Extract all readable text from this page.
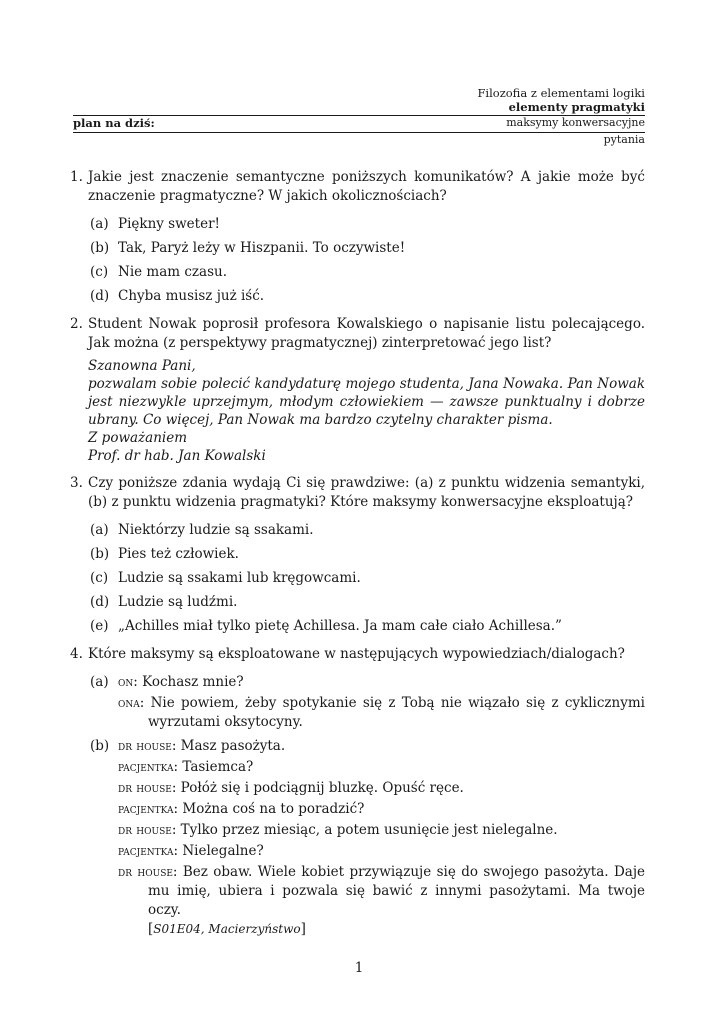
Filozofia z elementami logiki
elementy pragmatyki
plan na dziś:	maksymy konwersacyjne
pytania
1. Jakie jest znaczenie semantyczne poniższych komunikatów? A jakie może być znaczenie pragmatyczne? W jakich okolicznościach?
(a) Piękny sweter!
(b) Tak, Paryż leży w Hiszpanii. To oczywiste!
(c) Nie mam czasu.
(d) Chyba musisz już iść.
2. Student Nowak poprosił profesora Kowalskiego o napisanie listu polecającego. Jak można (z perspektywy pragmatycznej) zinterpretować jego list?
Szanowna Pani,
pozwalam sobie polecić kandydaturę mojego studenta, Jana Nowaka. Pan Nowak jest niezwykle uprzejmym, młodym człowiekiem — zawsze punktualny i dobrze ubrany. Co więcej, Pan Nowak ma bardzo czytelny charakter pisma.
Z poważaniem
Prof. dr hab. Jan Kowalski
3. Czy poniższe zdania wydają Ci się prawdziwe: (a) z punktu widzenia semantyki, (b) z punktu widzenia pragmatyki? Które maksymy konwersacyjne eksploatują?
(a) Niektórzy ludzie są ssakami.
(b) Pies też człowiek.
(c) Ludzie są ssakami lub kręgowcami.
(d) Ludzie są ludźmi.
(e) „Achilles miał tylko pietę Achillesa. Ja mam całe ciało Achillesa.”
4. Które maksymy są eksploatowane w następujących wypowiedziach/dialogach?
(a) on: Kochasz mnie?
ona: Nie powiem, żeby spotykanie się z Tobą nie wiązało się z cyklicznymi wyrzutami oksytocyny.
(b) dr house: Masz pasożyta.
pacjentka: Tasiemca?
dr house: Połóż się i podciągnij bluzkę. Opuść ręce.
pacjentka: Można coś na to poradzić?
dr house: Tylko przez miesiąc, a potem usunięcie jest nielegalne.
pacjentka: Nielegalne?
dr house: Bez obaw. Wiele kobiet przywiązuje się do swojego pasożyta. Daje mu imię, ubiera i pozwala się bawić z innymi pasożytami. Ma twoje oczy.
[S01E04, Macierzyństwo]
1
